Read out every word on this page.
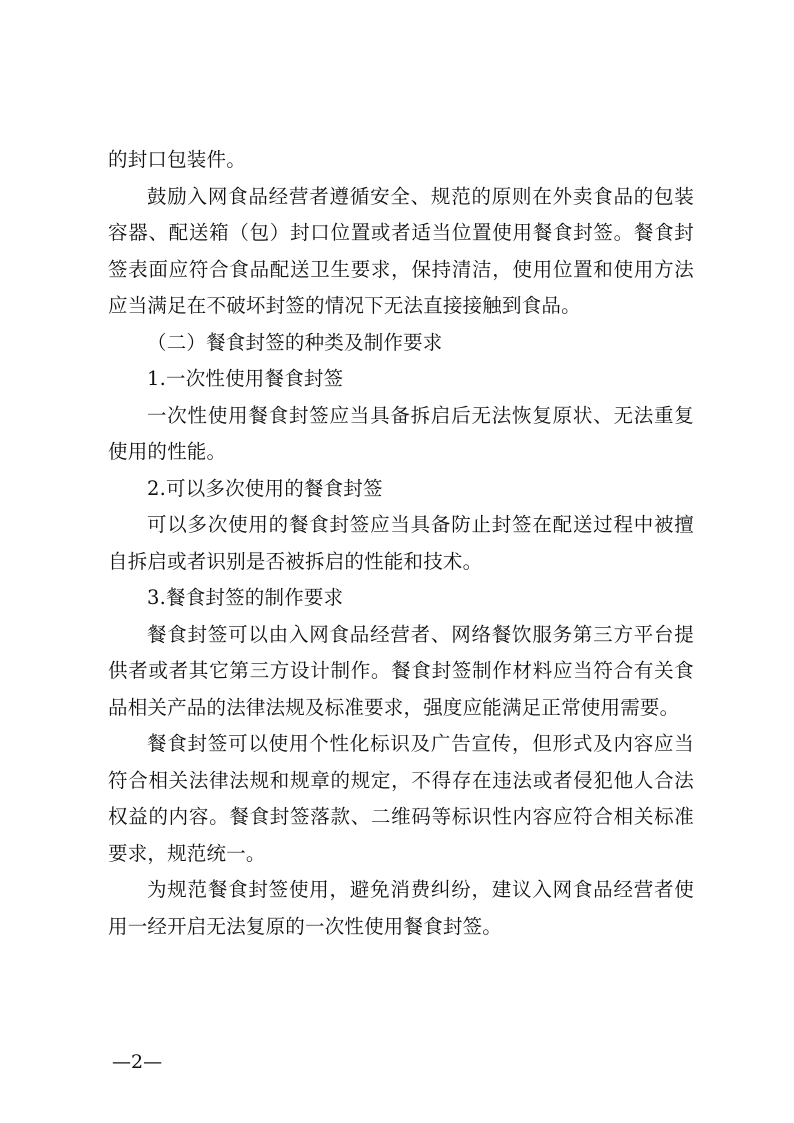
的封口包装件。

鼓励入网食品经营者遵循安全、规范的原则在外卖食品的包装容器、配送箱（包）封口位置或者适当位置使用餐食封签。餐食封签表面应符合食品配送卫生要求，保持清洁，使用位置和使用方法应当满足在不破坏封签的情况下无法直接接触到食品。

（二）餐食封签的种类及制作要求

1.一次性使用餐食封签

一次性使用餐食封签应当具备拆启后无法恢复原状、无法重复使用的性能。

2.可以多次使用的餐食封签

可以多次使用的餐食封签应当具备防止封签在配送过程中被擅自拆启或者识别是否被拆启的性能和技术。

3.餐食封签的制作要求

餐食封签可以由入网食品经营者、网络餐饮服务第三方平台提供者或者其它第三方设计制作。餐食封签制作材料应当符合有关食品相关产品的法律法规及标准要求，强度应能满足正常使用需要。

餐食封签可以使用个性化标识及广告宣传，但形式及内容应当符合相关法律法规和规章的规定，不得存在违法或者侵犯他人合法权益的内容。餐食封签落款、二维码等标识性内容应符合相关标准要求，规范统一。

为规范餐食封签使用，避免消费纠纷，建议入网食品经营者使用一经开启无法复原的一次性使用餐食封签。

—2—
